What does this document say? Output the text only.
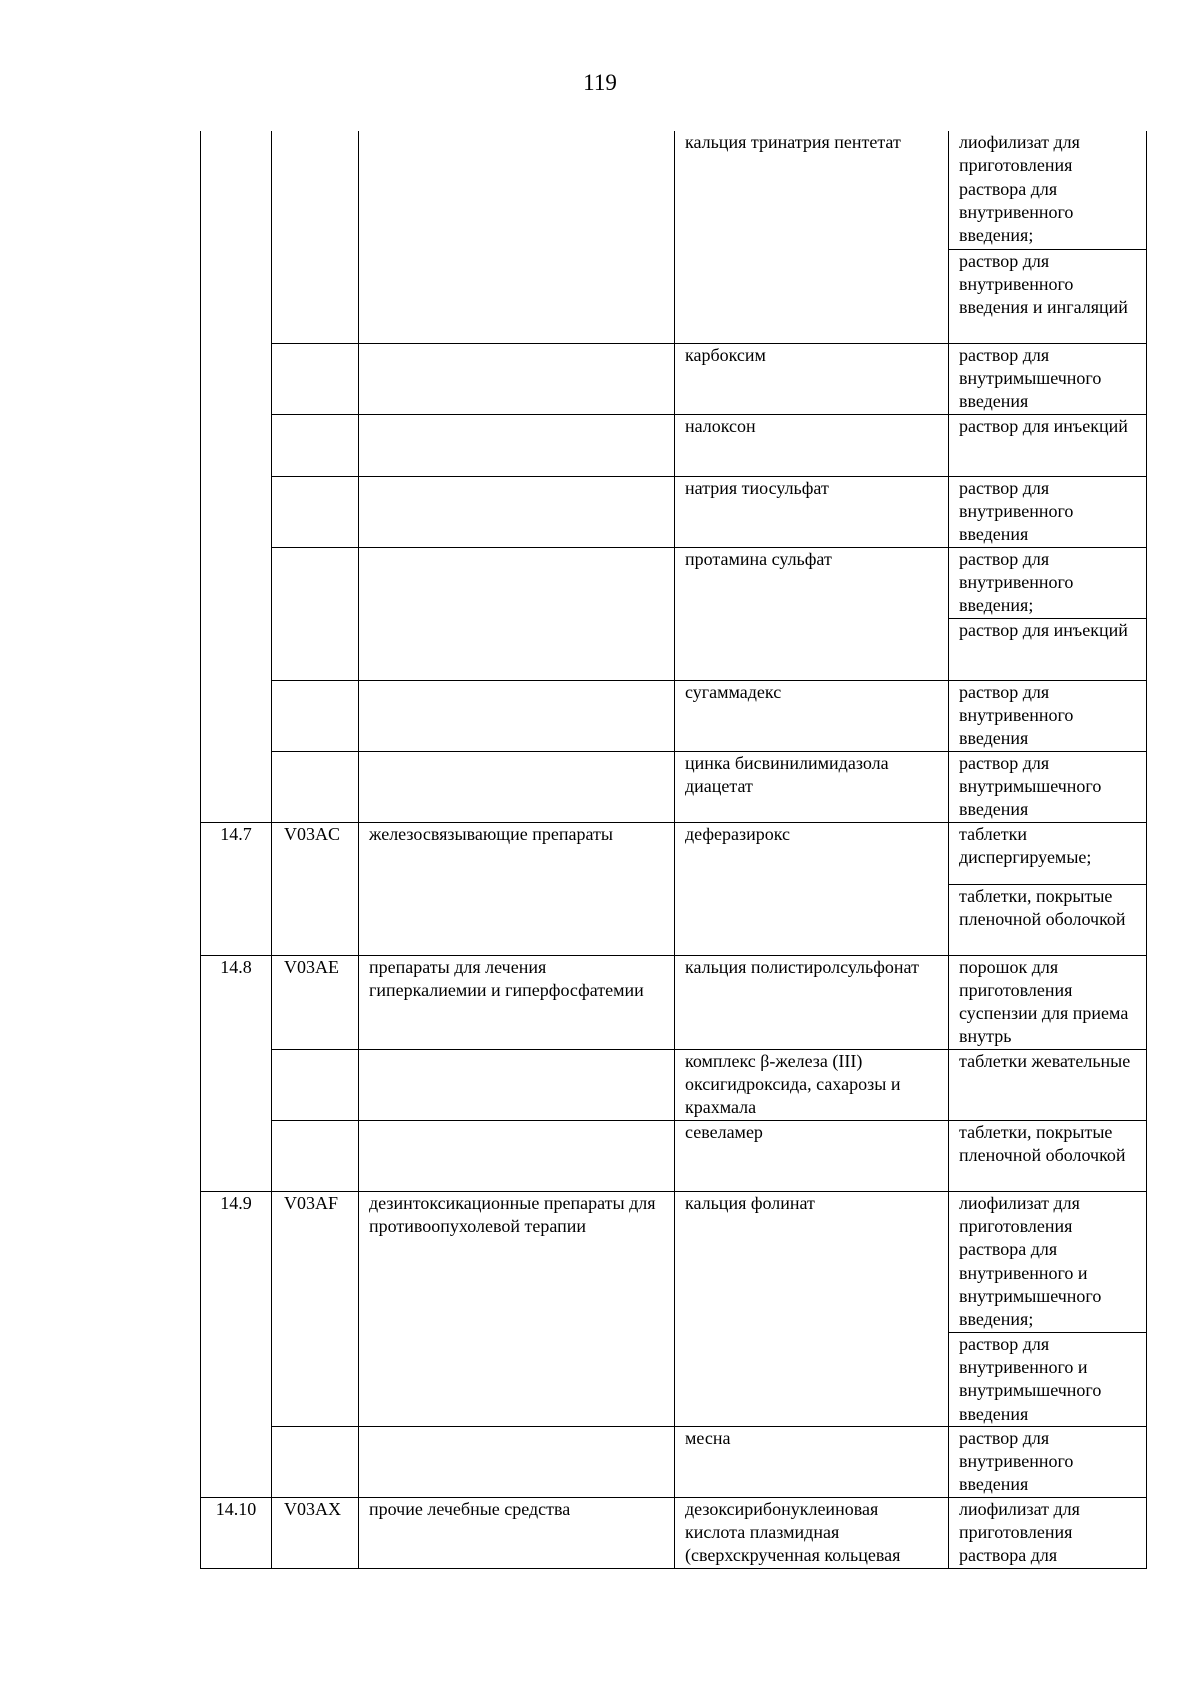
119
			кальция тринатрия пентетат	лиофилизат для приготовления раствора для внутривенного введения;
				раствор для внутривенного введения и ингаляций
			карбоксим	раствор для внутримышечного введения
			налоксон	раствор для инъекций
			натрия тиосульфат	раствор для внутривенного введения
			протамина сульфат	раствор для внутривенного введения;
				раствор для инъекций
			сугаммадекс	раствор для внутривенного введения
			цинка бисвинилимидазола диацетат	раствор для внутримышечного введения
14.7	V03AC	железосвязывающие препараты	деферазирокс	таблетки диспергируемые;
				таблетки, покрытые пленочной оболочкой
14.8	V03AE	препараты для лечения гиперкалиемии и гиперфосфатемии	кальция полистиролсульфонат	порошок для приготовления суспензии для приема внутрь
			комплекс β-железа (III) оксигидроксида, сахарозы и крахмала	таблетки жевательные
			севеламер	таблетки, покрытые пленочной оболочкой
14.9	V03AF	дезинтоксикационные препараты для противоопухолевой терапии	кальция фолинат	лиофилизат для приготовления раствора для внутривенного и внутримышечного введения;
				раствор для внутривенного и внутримышечного введения
			месна	раствор для внутривенного введения
14.10	V03AX	прочие лечебные средства	дезоксирибонуклеиновая кислота плазмидная (сверхскрученная кольцевая	лиофилизат для приготовления раствора для
